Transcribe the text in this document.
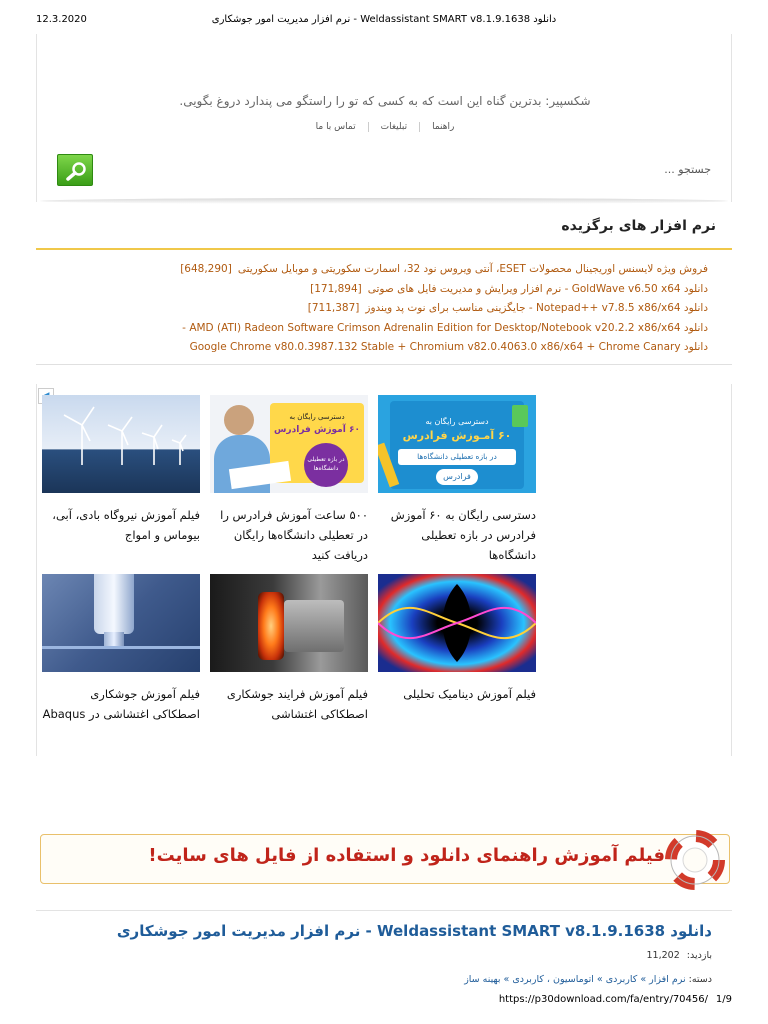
12.3.2020	دانلود Weldassistant SMART v8.1.9.1638 - نرم افزار مدیریت امور جوشکاری
شکسپیر: بدترین گناه این است که به کسی که تو را راستگو می پندارد دروغ بگویی.
راهنماتبلیغاتتماس با ما
جستجو ...
نرم افزار های برگزیده
فروش ویژه لایسنس اوریجینال محصولات ESET، آنتی ویروس نود 32، اسمارت سکوریتی و موبایل سکوریتی[648,290]
دانلود GoldWave v6.50 x64 - نرم افزار ویرایش و مدیریت فایل های صوتی[171,894]
دانلود Notepad++ v7.8.5 x86/x64 - جایگزینی مناسب برای نوت پد ویندوز[711,387]
دانلود AMD (ATI) Radeon Software Crimson Adrenalin Edition for Desktop/Notebook v20.2.2 x86/x64 -
دانلود Google Chrome v80.0.3987.132 Stable + Chromium v82.0.4063.0 x86/x64 + Chrome Canary
دسترسی رایگان به
۶۰ آمـوزش فرادرس
در بازه تعطیلی دانشگاه‌ها
فرادرس
دسترسی رایگان به ۶۰ آموزش فرادرس در بازه تعطیلی دانشگاه‌ها
دسترسی رایگان به
۶۰ آموزش فرادرس
در بازه تعطیلی دانشگاه‌ها
۵۰۰ ساعت آموزش فرادرس را در تعطیلی دانشگاه‌ها رایگان دریافت کنید
فیلم آموزش نیروگاه بادی، آبی، بیوماس و امواج
فیلم آموزش دینامیک تحلیلی
فیلم آموزش فرایند جوشکاری اصطکاکی اغتشاشی
فیلم آموزش جوشکاری اصطکاکی اغتشاشی در Abaqus
فیلم آموزش راهنمای دانلود و استفاده از فایل های سایت!
دانلود Weldassistant SMART v8.1.9.1638 - نرم افزار مدیریت امور جوشکاری
بازدید: 11,202
دسته: نرم افزار » کاربردی » اتوماسیون ، کاربردی » بهینه ساز
https://p30download.com/fa/entry/70456/ 1/9
